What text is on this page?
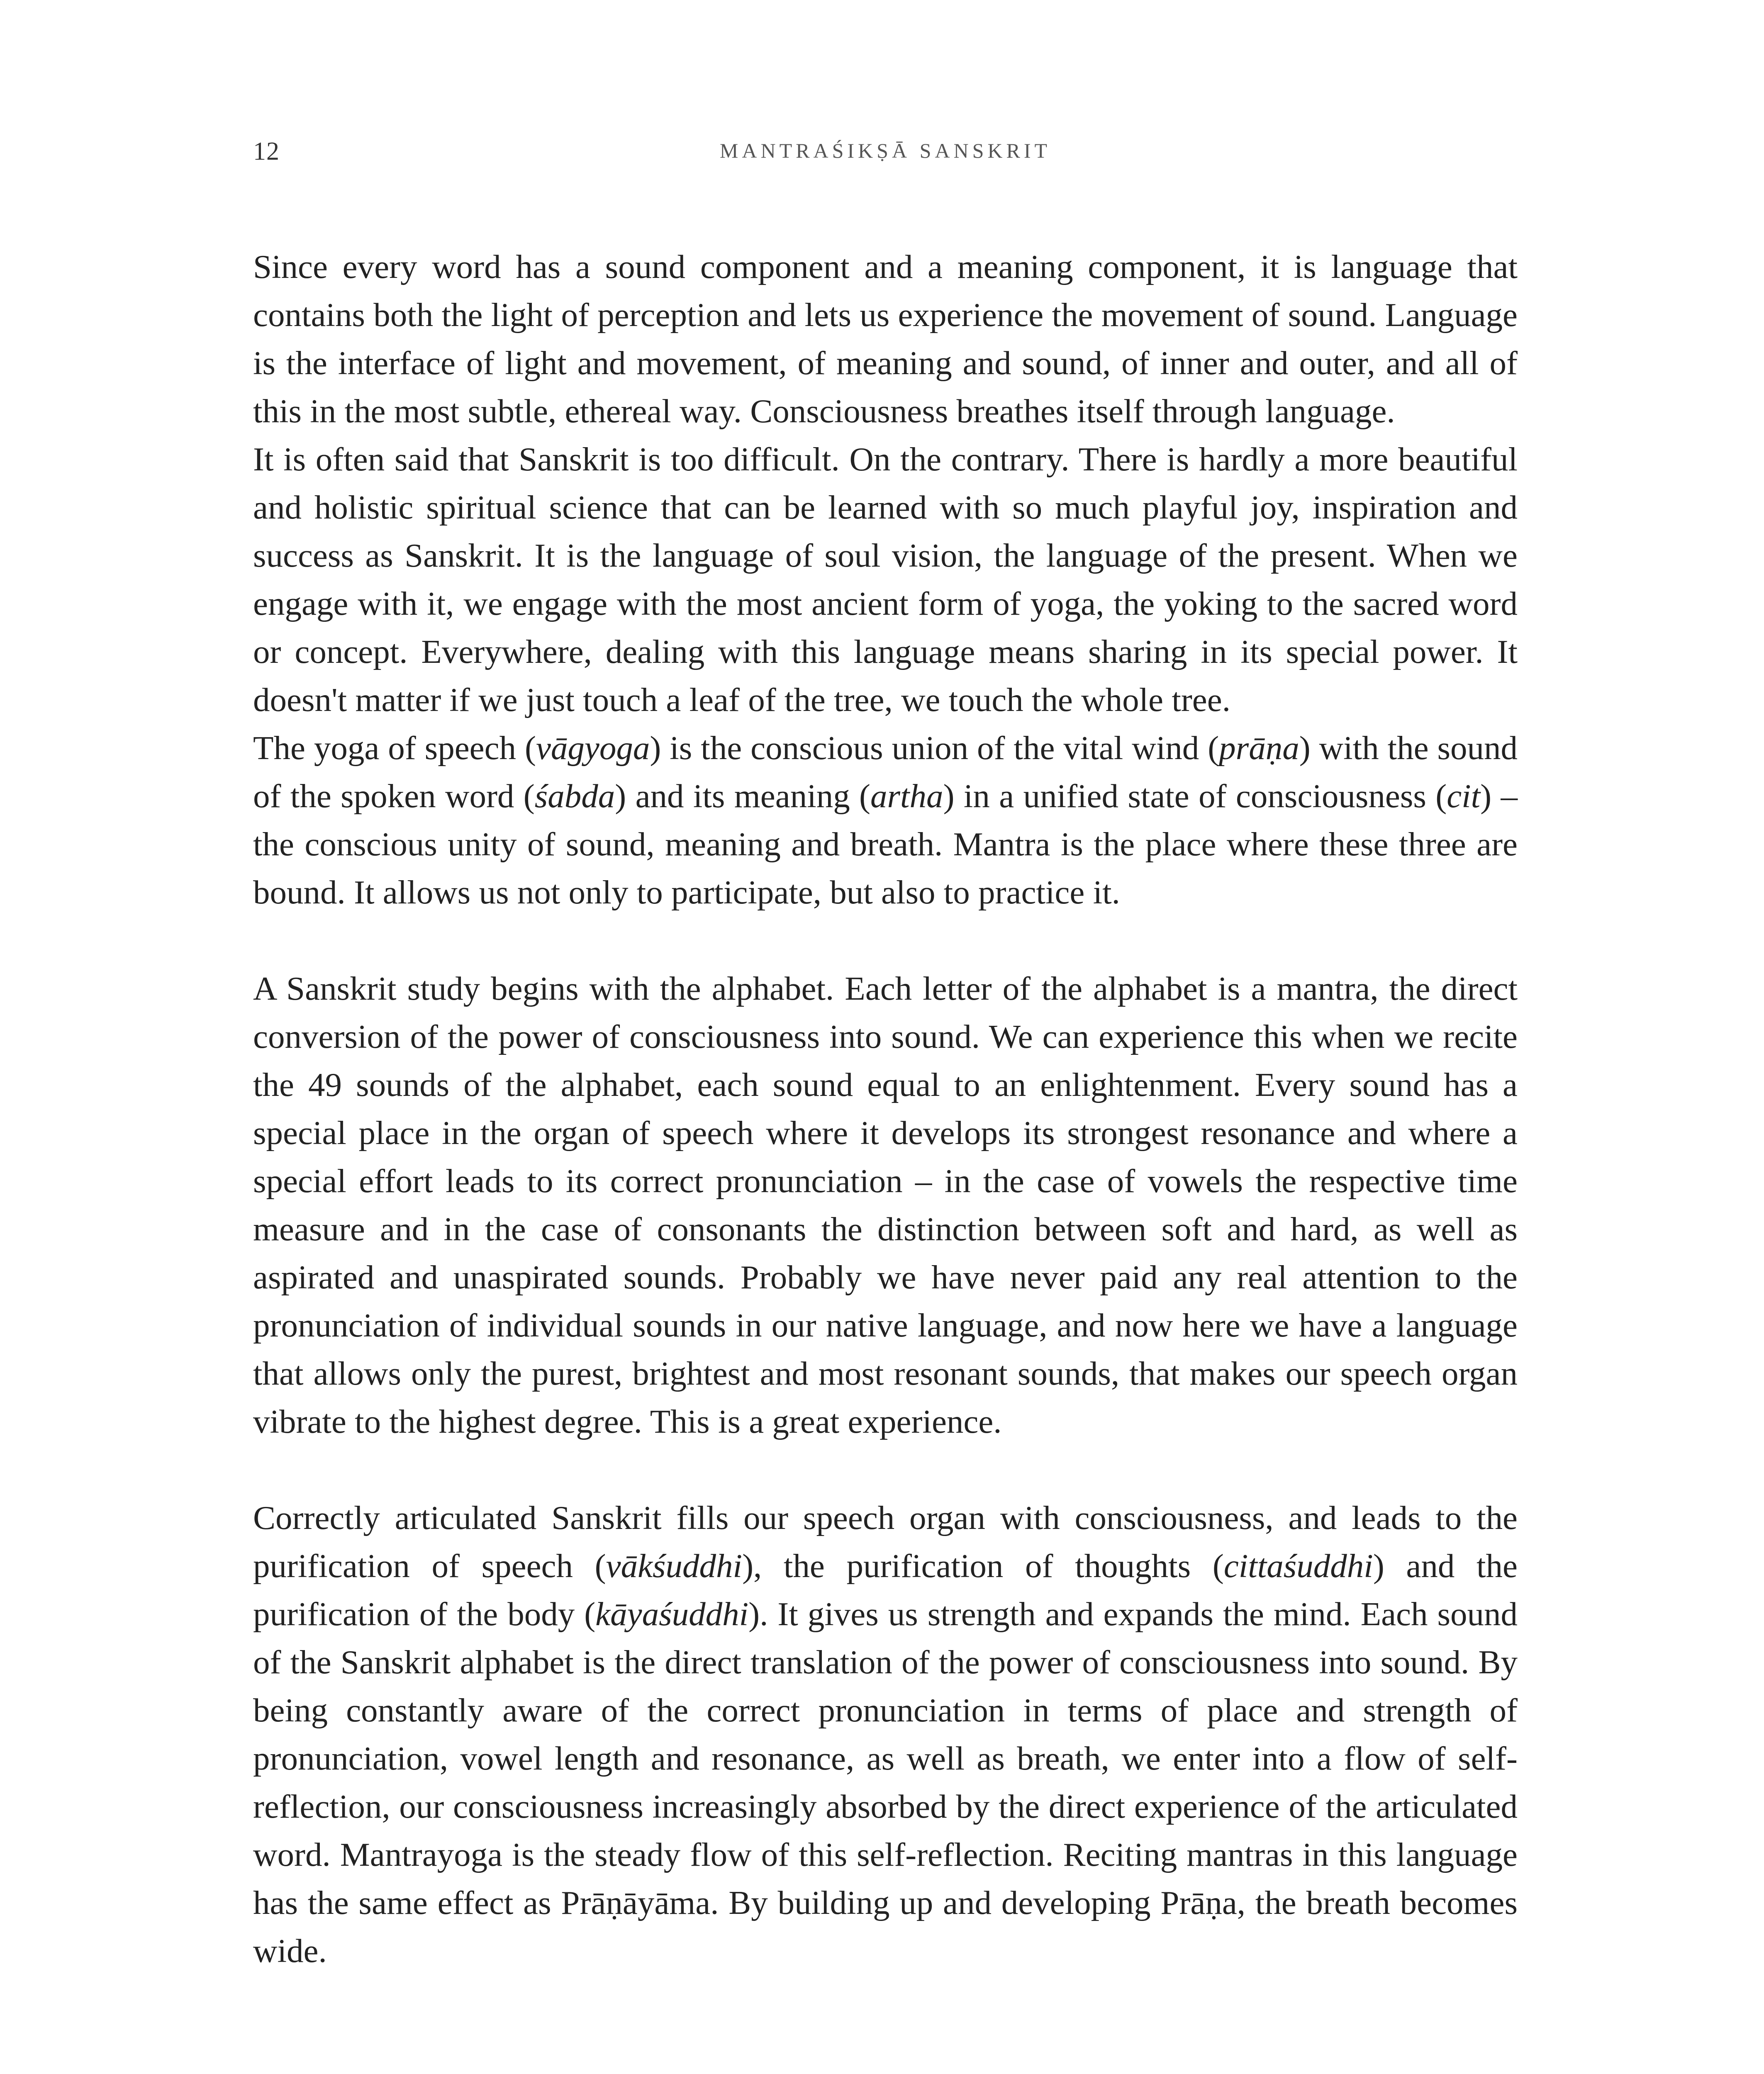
12	MANTRAŚIKṢĀ SANSKRIT

Since every word has a sound component and a meaning component, it is language that contains both the light of perception and lets us experience the movement of sound. Language is the interface of light and movement, of meaning and sound, of inner and outer, and all of this in the most subtle, ethereal way. Consciousness breathes itself through language.

It is often said that Sanskrit is too difficult. On the contrary. There is hardly a more beautiful and holistic spiritual science that can be learned with so much playful joy, inspiration and success as Sanskrit. It is the language of soul vision, the language of the present. When we engage with it, we engage with the most ancient form of yoga, the yoking to the sacred word or concept. Everywhere, dealing with this language means sharing in its special power. It doesn't matter if we just touch a leaf of the tree, we touch the whole tree.

The yoga of speech (vāgyoga) is the conscious union of the vital wind (prāṇa) with the sound of the spoken word (śabda) and its meaning (artha) in a unified state of consciousness (cit) – the conscious unity of sound, meaning and breath. Mantra is the place where these three are bound. It allows us not only to participate, but also to practice it.

A Sanskrit study begins with the alphabet. Each letter of the alphabet is a mantra, the direct conversion of the power of consciousness into sound. We can experience this when we recite the 49 sounds of the alphabet, each sound equal to an enlightenment. Every sound has a special place in the organ of speech where it develops its strongest resonance and where a special effort leads to its correct pronunciation – in the case of vowels the respective time measure and in the case of consonants the distinction between soft and hard, as well as aspirated and unaspirated sounds. Probably we have never paid any real attention to the pronunciation of individual sounds in our native language, and now here we have a language that allows only the purest, brightest and most resonant sounds, that makes our speech organ vibrate to the highest degree. This is a great experience.

Correctly articulated Sanskrit fills our speech organ with consciousness, and leads to the purification of speech (vākśuddhi), the purification of thoughts (cittaśuddhi) and the purification of the body (kāyaśuddhi). It gives us strength and expands the mind. Each sound of the Sanskrit alphabet is the direct translation of the power of consciousness into sound. By being constantly aware of the correct pronunciation in terms of place and strength of pronunciation, vowel length and resonance, as well as breath, we enter into a flow of self-reflection, our consciousness increasingly absorbed by the direct experience of the articulated word. Mantrayoga is the steady flow of this self-reflection. Reciting mantras in this language has the same effect as Prāṇāyāma. By building up and developing Prāṇa, the breath becomes wide.
